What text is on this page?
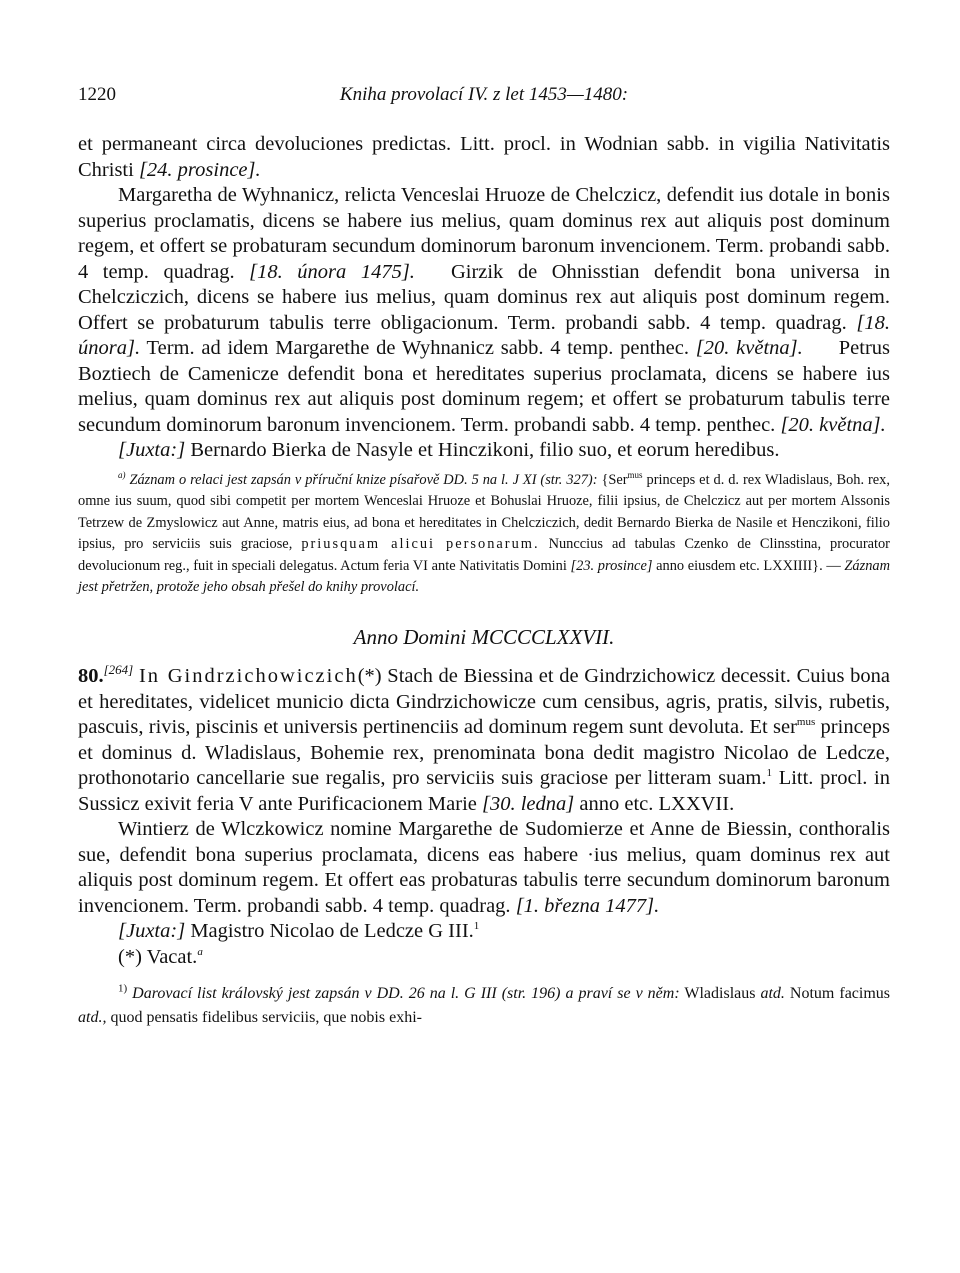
1220	Kniha provolací IV. z let 1453—1480:

et permaneant circa devoluciones predictas. Litt. procl. in Wodnian sabb. in vigilia Nativitatis Christi [24. prosince].

Margaretha de Wyhnanicz, relicta Venceslai Hruoze de Chelczicz, defendit ius dotale in bonis superius proclamatis, dicens se habere ius melius, quam dominus rex aut aliquis post dominum regem, et offert se probaturam secundum dominorum baronum invencionem. Term. probandi sabb. 4 temp. quadrag. [18. února 1475]. Girzik de Ohnisstian defendit bona universa in Chelcziczich, dicens se habere ius melius, quam dominus rex aut aliquis post dominum regem. Offert se probaturum tabulis terre obligacionum. Term. probandi sabb. 4 temp. quadrag. [18. února]. Term. ad idem Margarethe de Wyhnanicz sabb. 4 temp. penthec. [20. května]. Petrus Boztiech de Camenicze defendit bona et hereditates superius proclamata, dicens se habere ius melius, quam dominus rex aut aliquis post dominum regem; et offert se probaturum tabulis terre secundum dominorum baronum invencionem. Term. probandi sabb. 4 temp. penthec. [20. května].

[Juxta:] Bernardo Bierka de Nasyle et Hinczikoni, filio suo, et eorum heredibus.

$^{a)}$ Záznam o relaci jest zapsán v příruční knize písařově DD. 5 na l. J XI (str. 327): {Ser$^{mus}$ princeps et d. d. rex Wladislaus, Boh. rex, omne ius suum, quod sibi competit per mortem Wenceslai Hruoze et Bohuslai Hruoze, filii ipsius, de Chelczicz aut per mortem Alssonis Tetrzew de Zmyslowicz aut Anne, matris eius, ad bona et hereditates in Chelcziczich, dedit Bernardo Bierka de Nasile et Henczikoni, filio ipsius, pro serviciis suis graciose, priusquam alicui personarum. Nunccius ad tabulas Czenko de Clinsstina, procurator devolucionum reg., fuit in speciali delegatus. Actum feria VI ante Nativitatis Domini [23. prosince] anno eiusdem etc. LXXIIII}. — Záznam jest přetržen, protože jeho obsah přešel do knihy provolací.

Anno Domini MCCCCLXXVII.

80.[264] In Gindrzichowiczich(*) Stach de Biessina et de Gindrzichowicz decessit. Cuius bona et hereditates, videlicet municio dicta Gindrzichowicze cum censibus, agris, pratis, silvis, rubetis, pascuis, rivis, piscinis et universis pertinenciis ad dominum regem sunt devoluta. Et ser$^{mus}$ princeps et dominus d. Wladislaus, Bohemie rex, prenominata bona dedit magistro Nicolao de Ledcze, prothonotario cancellarie sue regalis, pro serviciis suis graciose per litteram suam.$^1$ Litt. procl. in Sussicz exivit feria V ante Purificacionem Marie [30. ledna] anno etc. LXXVII.

Wintierz de Wlczkowicz nomine Margarethe de Sudomierze et Anne de Biessin, conthoralis sue, defendit bona superius proclamata, dicens eas habere ·ius melius, quam dominus rex aut aliquis post dominum regem. Et offert eas probaturas tabulis terre secundum dominorum baronum invencionem. Term. probandi sabb. 4 temp. quadrag. [1. března 1477].

[Juxta:] Magistro Nicolao de Ledcze G III.$^1$

(*) Vacat.$^a$

$^{1)}$ Darovací list královský jest zapsán v DD. 26 na l. G III (str. 196) a praví se v něm: Wladislaus atd. Notum facimus atd., quod pensatis fidelibus serviciis, que nobis exhi-
